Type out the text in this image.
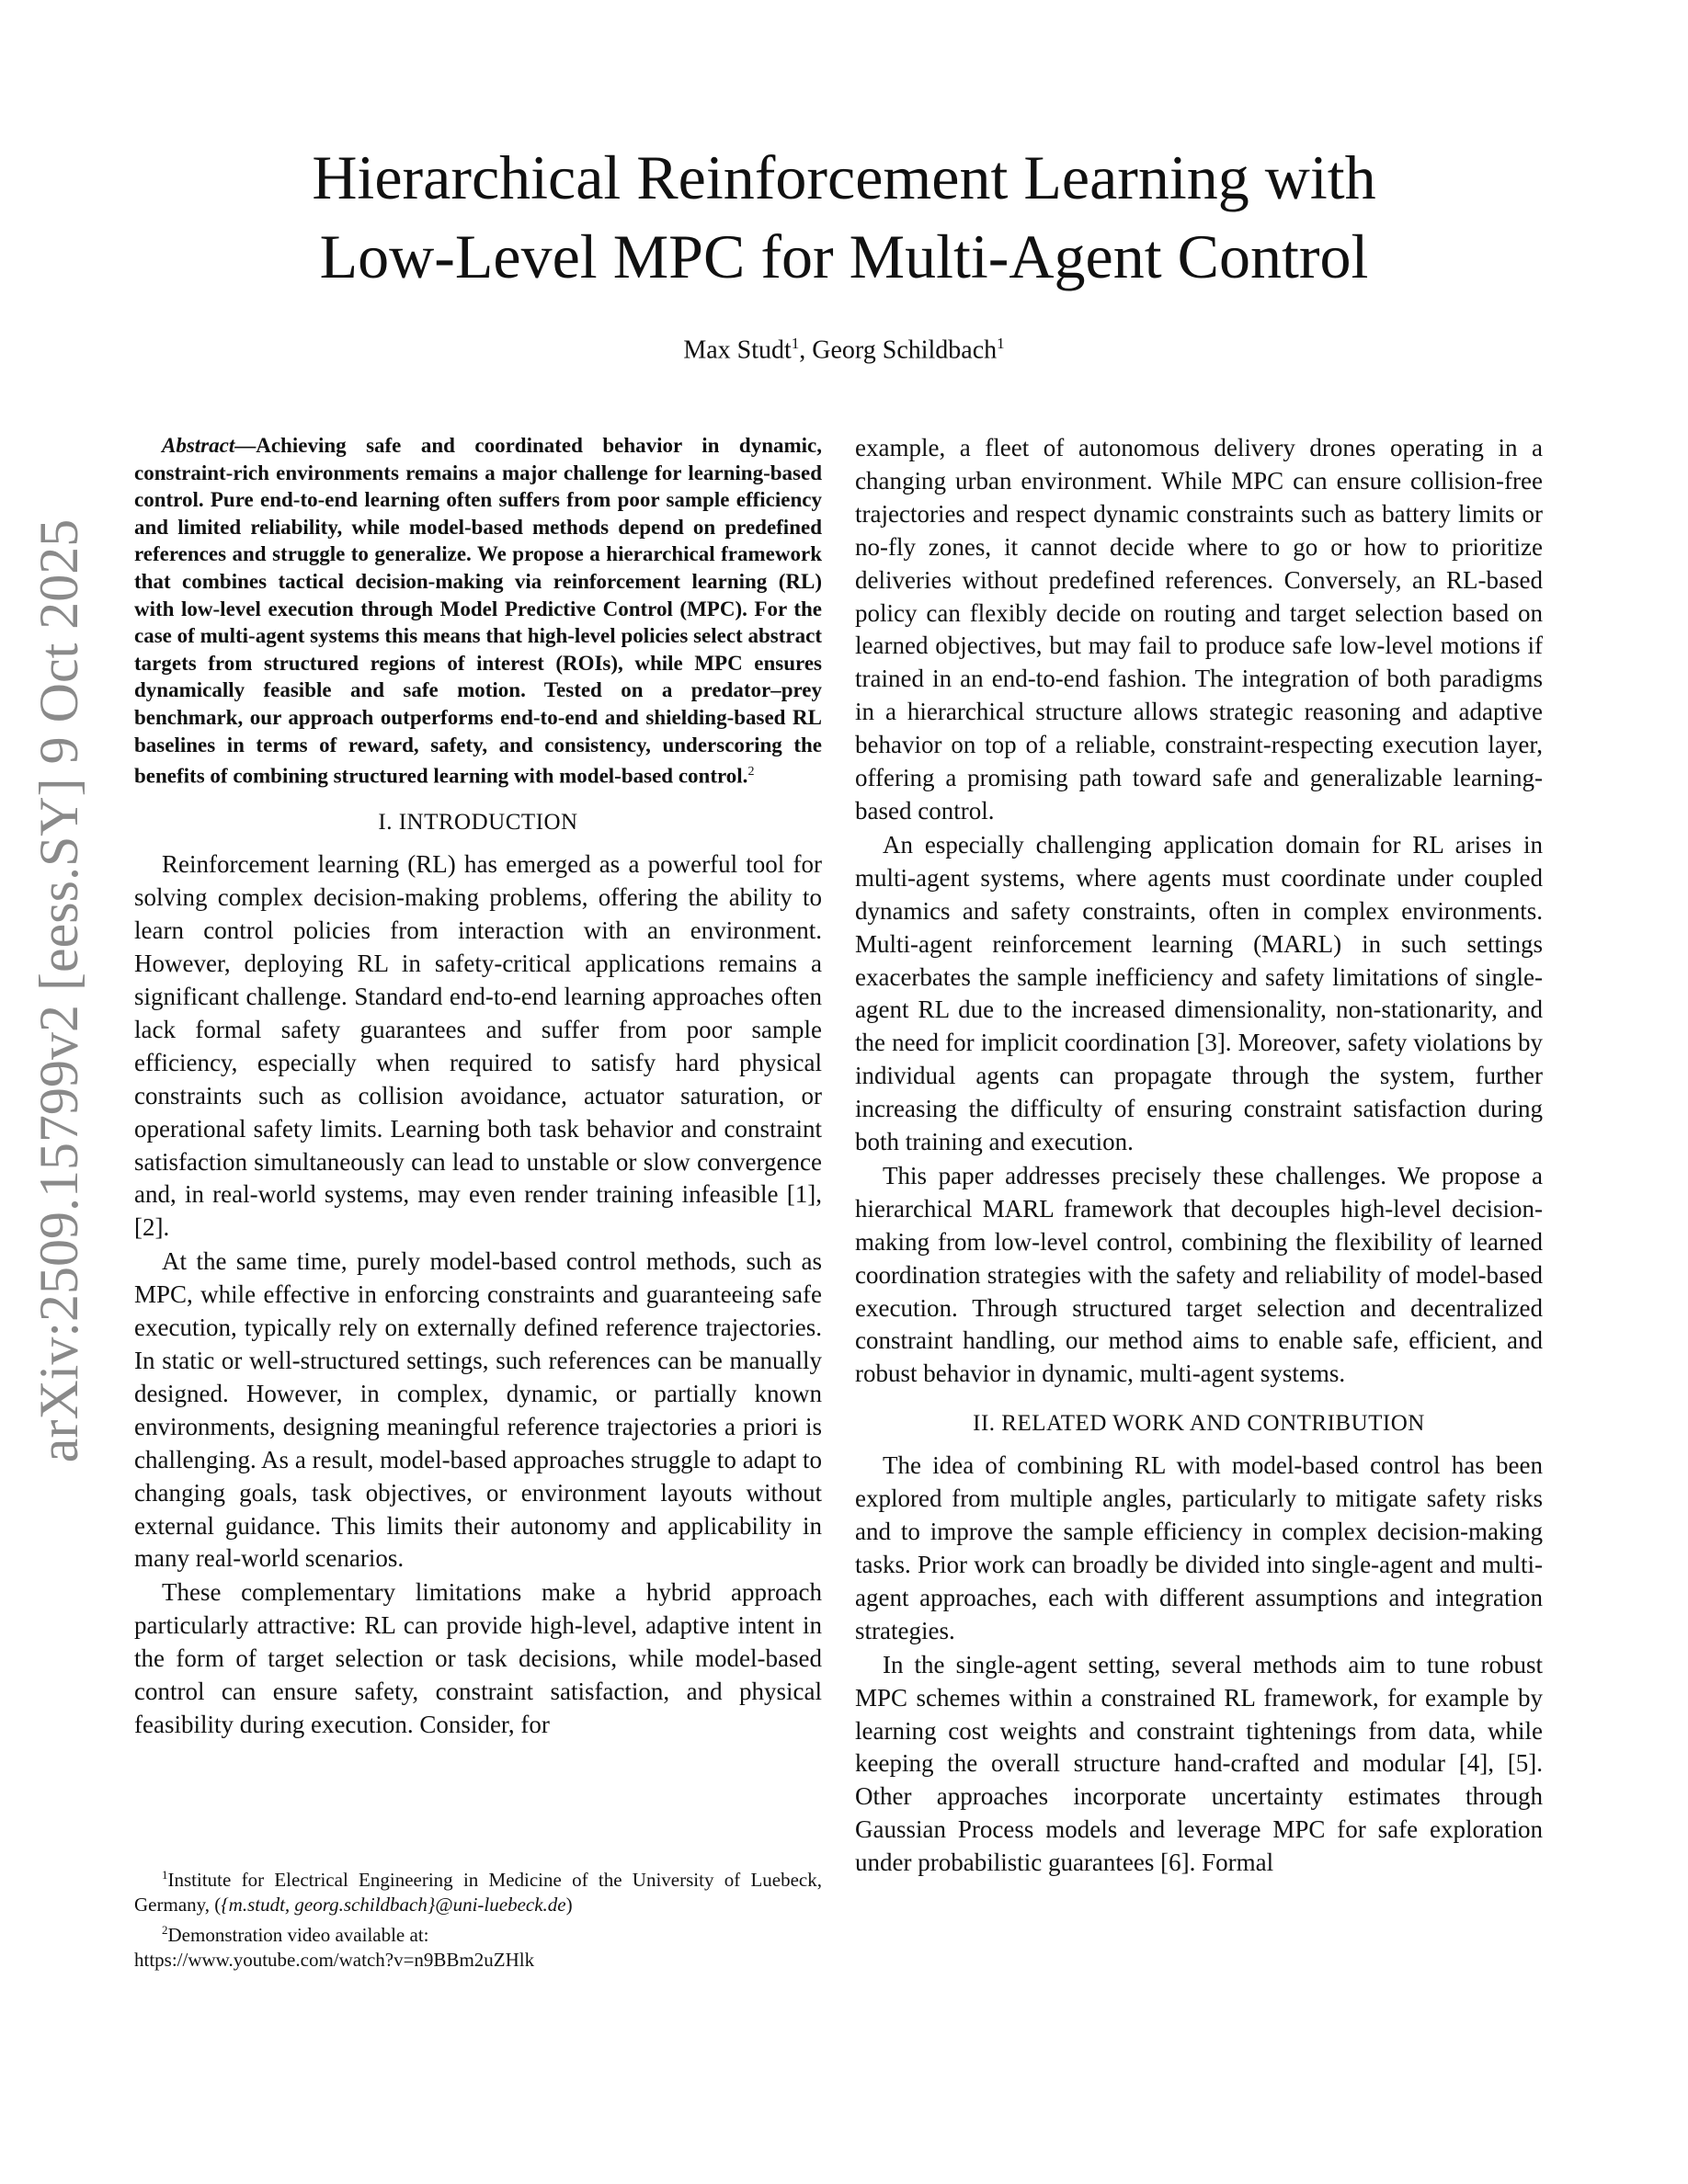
arXiv:2509.15799v2 [eess.SY] 9 Oct 2025
Hierarchical Reinforcement Learning with
Low-Level MPC for Multi-Agent Control
Max Studt$^1$, Georg Schildbach$^1$

Abstract—Achieving safe and coordinated behavior in dynamic, constraint-rich environments remains a major challenge for learning-based control. Pure end-to-end learning often suffers from poor sample efficiency and limited reliability, while model-based methods depend on predefined references and struggle to generalize. We propose a hierarchical framework that combines tactical decision-making via reinforcement learning (RL) with low-level execution through Model Predictive Control (MPC). For the case of multi-agent systems this means that high-level policies select abstract targets from structured regions of interest (ROIs), while MPC ensures dynamically feasible and safe motion. Tested on a predator–prey benchmark, our approach outperforms end-to-end and shielding-based RL baselines in terms of reward, safety, and consistency, underscoring the benefits of combining structured learning with model-based control.$^2$

I. INTRODUCTION

Reinforcement learning (RL) has emerged as a powerful tool for solving complex decision-making problems, offering the ability to learn control policies from interaction with an environment. However, deploying RL in safety-critical applications remains a significant challenge. Standard end-to-end learning approaches often lack formal safety guarantees and suffer from poor sample efficiency, especially when required to satisfy hard physical constraints such as collision avoidance, actuator saturation, or operational safety limits. Learning both task behavior and constraint satisfaction simultaneously can lead to unstable or slow convergence and, in real-world systems, may even render training infeasible [1], [2].

At the same time, purely model-based control methods, such as MPC, while effective in enforcing constraints and guaranteeing safe execution, typically rely on externally defined reference trajectories. In static or well-structured settings, such references can be manually designed. However, in complex, dynamic, or partially known environments, designing meaningful reference trajectories a priori is challenging. As a result, model-based approaches struggle to adapt to changing goals, task objectives, or environment layouts without external guidance. This limits their autonomy and applicability in many real-world scenarios.

These complementary limitations make a hybrid approach particularly attractive: RL can provide high-level, adaptive intent in the form of target selection or task decisions, while model-based control can ensure safety, constraint satisfaction, and physical feasibility during execution. Consider, for

example, a fleet of autonomous delivery drones operating in a changing urban environment. While MPC can ensure collision-free trajectories and respect dynamic constraints such as battery limits or no-fly zones, it cannot decide where to go or how to prioritize deliveries without predefined references. Conversely, an RL-based policy can flexibly decide on routing and target selection based on learned objectives, but may fail to produce safe low-level motions if trained in an end-to-end fashion. The integration of both paradigms in a hierarchical structure allows strategic reasoning and adaptive behavior on top of a reliable, constraint-respecting execution layer, offering a promising path toward safe and generalizable learning-based control.

An especially challenging application domain for RL arises in multi-agent systems, where agents must coordinate under coupled dynamics and safety constraints, often in complex environments. Multi-agent reinforcement learning (MARL) in such settings exacerbates the sample inefficiency and safety limitations of single-agent RL due to the increased dimensionality, non-stationarity, and the need for implicit coordination [3]. Moreover, safety violations by individual agents can propagate through the system, further increasing the difficulty of ensuring constraint satisfaction during both training and execution.

This paper addresses precisely these challenges. We propose a hierarchical MARL framework that decouples high-level decision-making from low-level control, combining the flexibility of learned coordination strategies with the safety and reliability of model-based execution. Through structured target selection and decentralized constraint handling, our method aims to enable safe, efficient, and robust behavior in dynamic, multi-agent systems.

II. RELATED WORK AND CONTRIBUTION

The idea of combining RL with model-based control has been explored from multiple angles, particularly to mitigate safety risks and to improve the sample efficiency in complex decision-making tasks. Prior work can broadly be divided into single-agent and multi-agent approaches, each with different assumptions and integration strategies.

In the single-agent setting, several methods aim to tune robust MPC schemes within a constrained RL framework, for example by learning cost weights and constraint tightenings from data, while keeping the overall structure hand-crafted and modular [4], [5]. Other approaches incorporate uncertainty estimates through Gaussian Process models and leverage MPC for safe exploration under probabilistic guarantees [6]. Formal

$^1$Institute for Electrical Engineering in Medicine of the University of Luebeck, Germany, ({m.studt, georg.schildbach}@uni-luebeck.de)

$^2$Demonstration video available at:

https://www.youtube.com/watch?v=n9BBm2uZHlk
